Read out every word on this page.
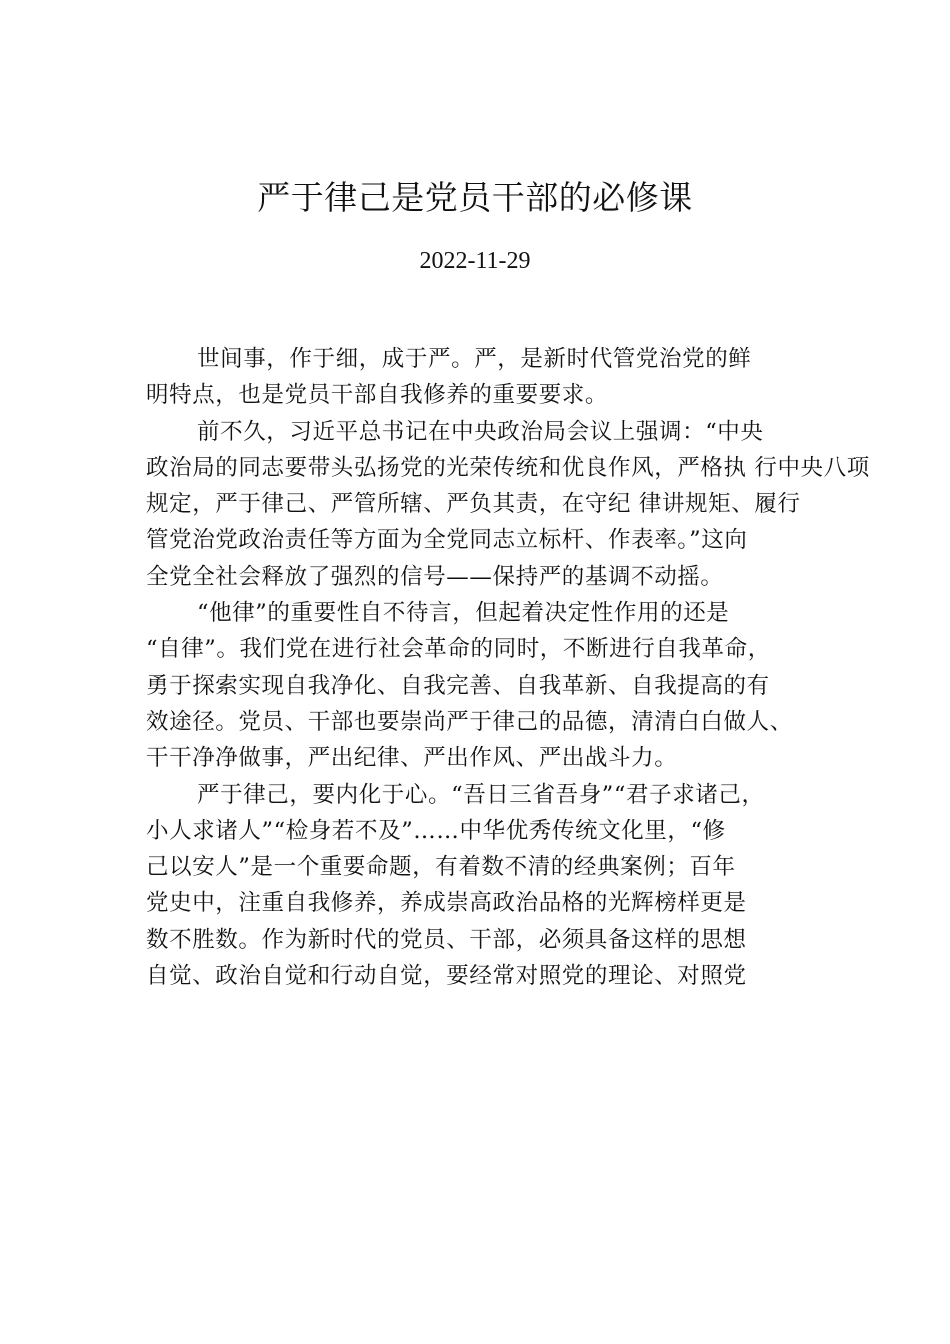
严于律己是党员干部的必修课
2022-11-29
世间事，作于细，成于严。严，是新时代管党治党的鲜
明特点，也是党员干部自我修养的重要要求。
前不久，习近平总书记在中央政治局会议上强调：“中央
政治局的同志要带头弘扬党的光荣传统和优良作风，严格执 行中央八项
规定，严于律己、严管所辖、严负其责，在守纪 律讲规矩、履行
管党治党政治责任等方面为全党同志立标杆、作表率。”这向
全党全社会释放了强烈的信号——保持严的基调不动摇。
“他律”的重要性自不待言，但起着决定性作用的还是
“自律”。我们党在进行社会革命的同时，不断进行自我革命，
勇于探索实现自我净化、自我完善、自我革新、自我提高的有
效途径。党员、干部也要崇尚严于律己的品德，清清白白做人、
干干净净做事，严出纪律、严出作风、严出战斗力。
严于律己，要内化于心。“吾日三省吾身”“君子求诸己，
小人求诸人”“检身若不及”……中华优秀传统文化里，“修
己以安人”是一个重要命题，有着数不清的经典案例；百年
党史中，注重自我修养，养成崇高政治品格的光辉榜样更是
数不胜数。作为新时代的党员、干部，必须具备这样的思想
自觉、政治自觉和行动自觉，要经常对照党的理论、对照党
